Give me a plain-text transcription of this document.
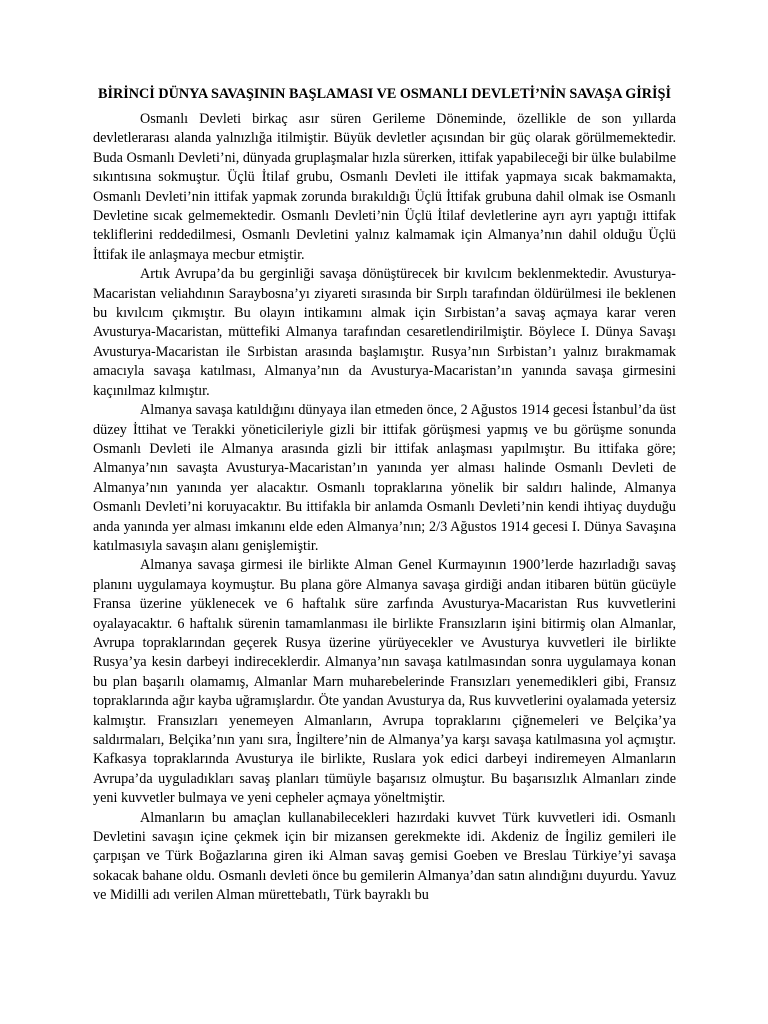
BİRİNCİ DÜNYA SAVAŞININ BAŞLAMASI VE OSMANLI DEVLETİ’NİN SAVAŞA GİRİŞİ

Osmanlı Devleti birkaç asır süren Gerileme Döneminde, özellikle de son yıllarda devletlerarası alanda yalnızlığa itilmiştir. Büyük devletler açısından bir güç olarak görülmemektedir. Buda Osmanlı Devleti’ni, dünyada gruplaşmalar hızla sürerken, ittifak yapabileceği bir ülke bulabilme sıkıntısına sokmuştur. Üçlü İtilaf grubu, Osmanlı Devleti ile ittifak yapmaya sıcak bakmamakta, Osmanlı Devleti’nin ittifak yapmak zorunda bırakıldığı Üçlü İttifak grubuna dahil olmak ise Osmanlı Devletine sıcak gelmemektedir. Osmanlı Devleti’nin Üçlü İtilaf devletlerine ayrı ayrı yaptığı ittifak tekliflerini reddedilmesi, Osmanlı Devletini yalnız kalmamak için Almanya’nın dahil olduğu Üçlü İttifak ile anlaşmaya mecbur etmiştir.

Artık Avrupa’da bu gerginliği savaşa dönüştürecek bir kıvılcım beklenmektedir. Avusturya-Macaristan veliahdının Saraybosna’yı ziyareti sırasında bir Sırplı tarafından öldürülmesi ile beklenen bu kıvılcım çıkmıştır. Bu olayın intikamını almak için Sırbistan’a savaş açmaya karar veren Avusturya-Macaristan, müttefiki Almanya tarafından cesaretlendirilmiştir. Böylece I. Dünya Savaşı Avusturya-Macaristan ile Sırbistan arasında başlamıştır. Rusya’nın Sırbistan’ı yalnız bırakmamak amacıyla savaşa katılması, Almanya’nın da Avusturya-Macaristan’ın yanında savaşa girmesini kaçınılmaz kılmıştır.

Almanya savaşa katıldığını dünyaya ilan etmeden önce, 2 Ağustos 1914 gecesi İstanbul’da üst düzey İttihat ve Terakki yöneticileriyle gizli bir ittifak görüşmesi yapmış ve bu görüşme sonunda Osmanlı Devleti ile Almanya arasında gizli bir ittifak anlaşması yapılmıştır. Bu ittifaka göre; Almanya’nın savaşta Avusturya-Macaristan’ın yanında yer alması halinde Osmanlı Devleti de Almanya’nın yanında yer alacaktır. Osmanlı topraklarına yönelik bir saldırı halinde, Almanya Osmanlı Devleti’ni koruyacaktır. Bu ittifakla bir anlamda Osmanlı Devleti’nin kendi ihtiyaç duyduğu anda yanında yer alması imkanını elde eden Almanya’nın; 2/3 Ağustos 1914 gecesi I. Dünya Savaşına katılmasıyla savaşın alanı genişlemiştir.

Almanya savaşa girmesi ile birlikte Alman Genel Kurmayının 1900’lerde hazırladığı savaş planını uygulamaya koymuştur. Bu plana göre Almanya savaşa girdiği andan itibaren bütün gücüyle Fransa üzerine yüklenecek ve 6 haftalık süre zarfında Avusturya-Macaristan Rus kuvvetlerini oyalayacaktır. 6 haftalık sürenin tamamlanması ile birlikte Fransızların işini bitirmiş olan Almanlar, Avrupa topraklarından geçerek Rusya üzerine yürüyecekler ve Avusturya kuvvetleri ile birlikte Rusya’ya kesin darbeyi indireceklerdir. Almanya’nın savaşa katılmasından sonra uygulamaya konan bu plan başarılı olamamış, Almanlar Marn muharebelerinde Fransızları yenemedikleri gibi, Fransız topraklarında ağır kayba uğramışlardır. Öte yandan Avusturya da, Rus kuvvetlerini oyalamada yetersiz kalmıştır. Fransızları yenemeyen Almanların, Avrupa topraklarını çiğnemeleri ve Belçika’ya saldırmaları, Belçika’nın yanı sıra, İngiltere’nin de Almanya’ya karşı savaşa katılmasına yol açmıştır. Kafkasya topraklarında Avusturya ile birlikte, Ruslara yok edici darbeyi indiremeyen Almanların Avrupa’da uyguladıkları savaş planları tümüyle başarısız olmuştur. Bu başarısızlık Almanları zinde yeni kuvvetler bulmaya ve yeni cepheler açmaya yöneltmiştir.

Almanların bu amaçlan kullanabilecekleri hazırdaki kuvvet Türk kuvvetleri idi. Osmanlı Devletini savaşın içine çekmek için bir mizansen gerekmekte idi. Akdeniz de İngiliz gemileri ile çarpışan ve Türk Boğazlarına giren iki Alman savaş gemisi Goeben ve Breslau Türkiye’yi savaşa sokacak bahane oldu. Osmanlı devleti önce bu gemilerin Almanya’dan satın alındığını duyurdu. Yavuz ve Midilli adı verilen Alman mürettebatlı, Türk bayraklı bu
